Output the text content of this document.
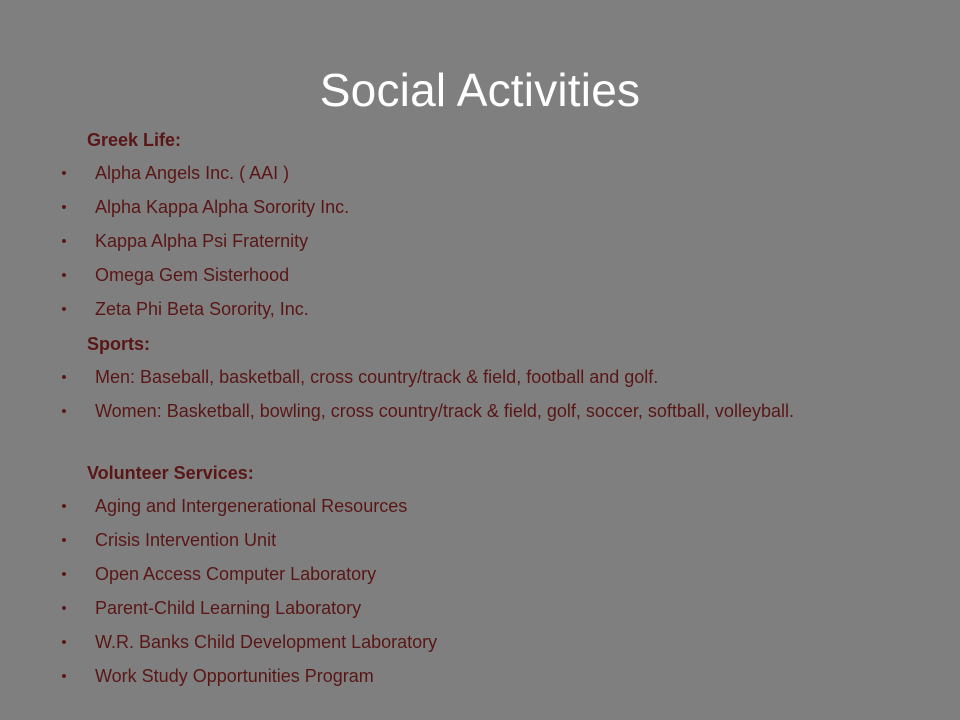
Social Activities
Greek Life:
• Alpha Angels Inc. ( AAI )
• Alpha Kappa Alpha Sorority Inc.
• Kappa Alpha Psi Fraternity
• Omega Gem Sisterhood
• Zeta Phi Beta Sorority, Inc.
Sports:
• Men: Baseball, basketball, cross country/track & field, football and golf.
• Women: Basketball, bowling, cross country/track & field, golf, soccer, softball, volleyball.
Volunteer Services:
• Aging and Intergenerational Resources
• Crisis Intervention Unit
• Open Access Computer Laboratory
• Parent-Child Learning Laboratory
• W.R. Banks Child Development Laboratory
• Work Study Opportunities Program
